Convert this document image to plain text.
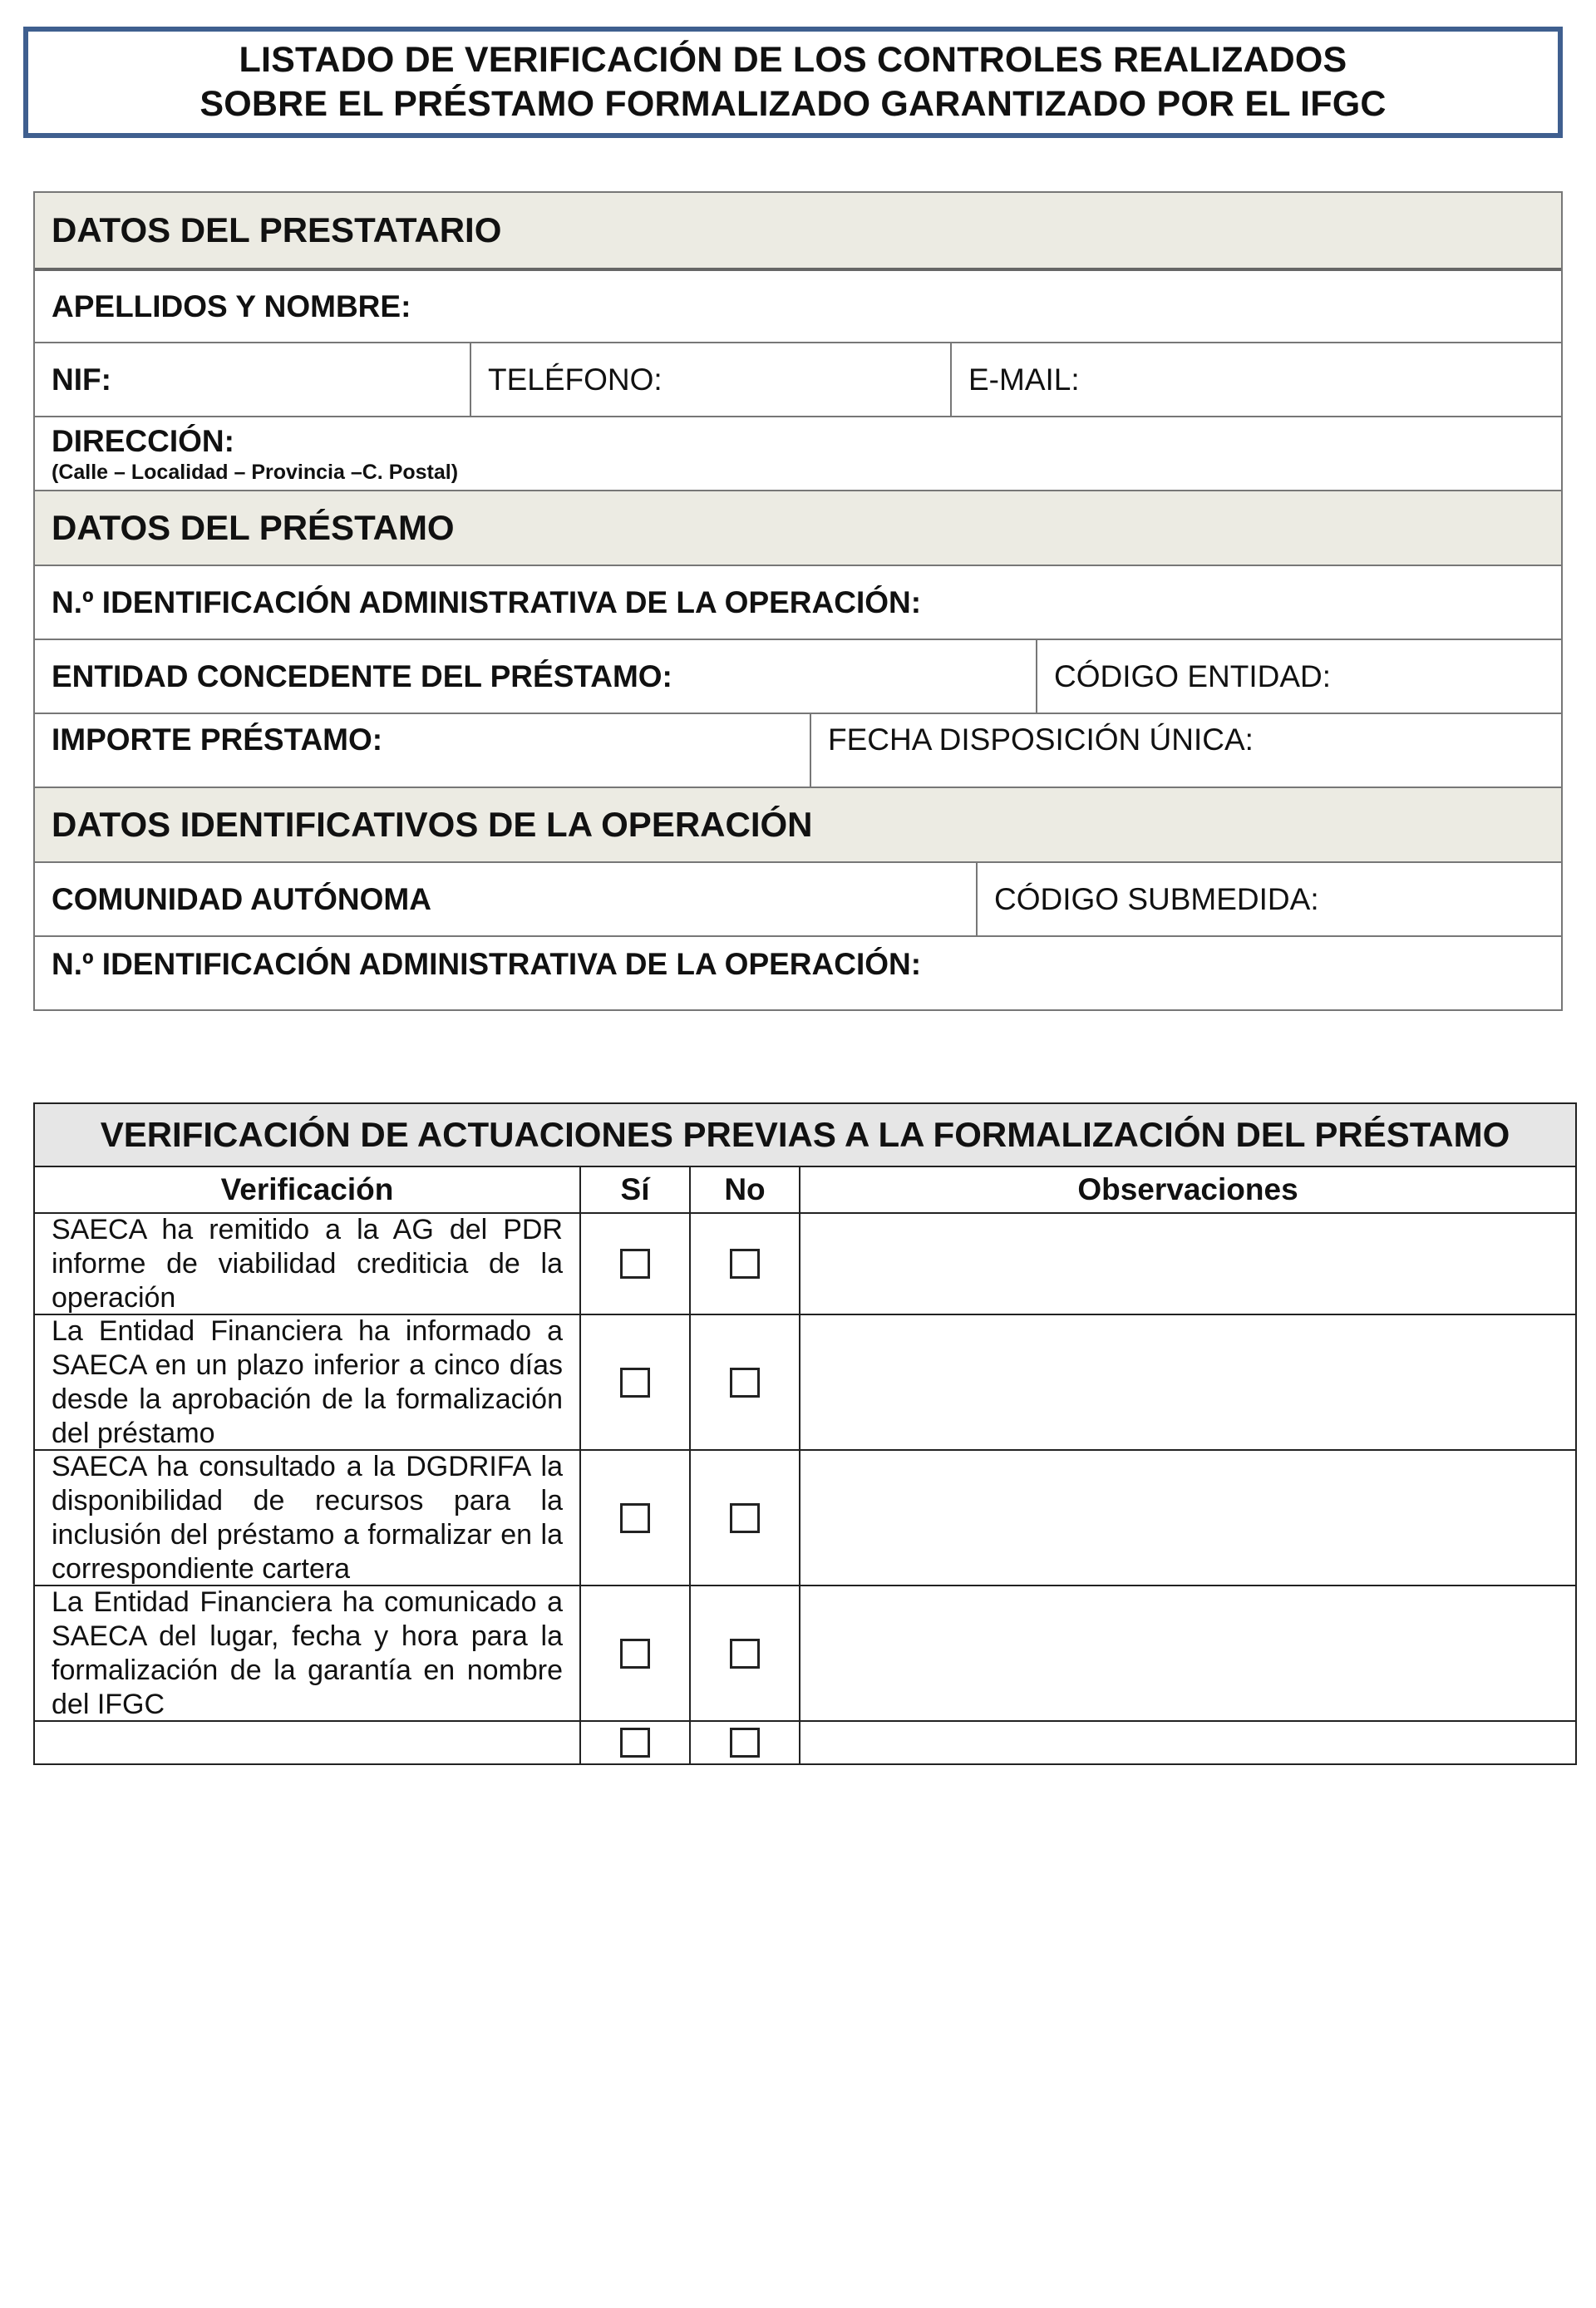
LISTADO DE VERIFICACIÓN DE LOS CONTROLES REALIZADOS
SOBRE EL PRÉSTAMO FORMALIZADO GARANTIZADO POR EL IFGC
DATOS DEL PRESTATARIO
APELLIDOS Y NOMBRE:
NIF:	TELÉFONO:	E-MAIL:
DIRECCIÓN:
(Calle – Localidad – Provincia –C. Postal)
DATOS DEL PRÉSTAMO
N.º IDENTIFICACIÓN ADMINISTRATIVA DE LA OPERACIÓN:
ENTIDAD CONCEDENTE DEL PRÉSTAMO:	CÓDIGO ENTIDAD:
IMPORTE PRÉSTAMO:	FECHA DISPOSICIÓN ÚNICA:
DATOS IDENTIFICATIVOS DE LA OPERACIÓN
COMUNIDAD AUTÓNOMA	CÓDIGO SUBMEDIDA:
N.º IDENTIFICACIÓN ADMINISTRATIVA DE LA OPERACIÓN:
VERIFICACIÓN DE ACTUACIONES PREVIAS A LA FORMALIZACIÓN DEL PRÉSTAMO
Verificación	Sí	No	Observaciones
SAECA ha remitido a la AG del PDR informe de viabilidad crediticia de la operación
La Entidad Financiera ha informado a SAECA en un plazo inferior a cinco días desde la aprobación de la formalización del préstamo
SAECA ha consultado a la DGDRIFA la disponibilidad de recursos para la inclusión del préstamo a formalizar en la correspondiente cartera
La Entidad Financiera ha comunicado a SAECA del lugar, fecha y hora para la formalización de la garantía en nombre del IFGC
